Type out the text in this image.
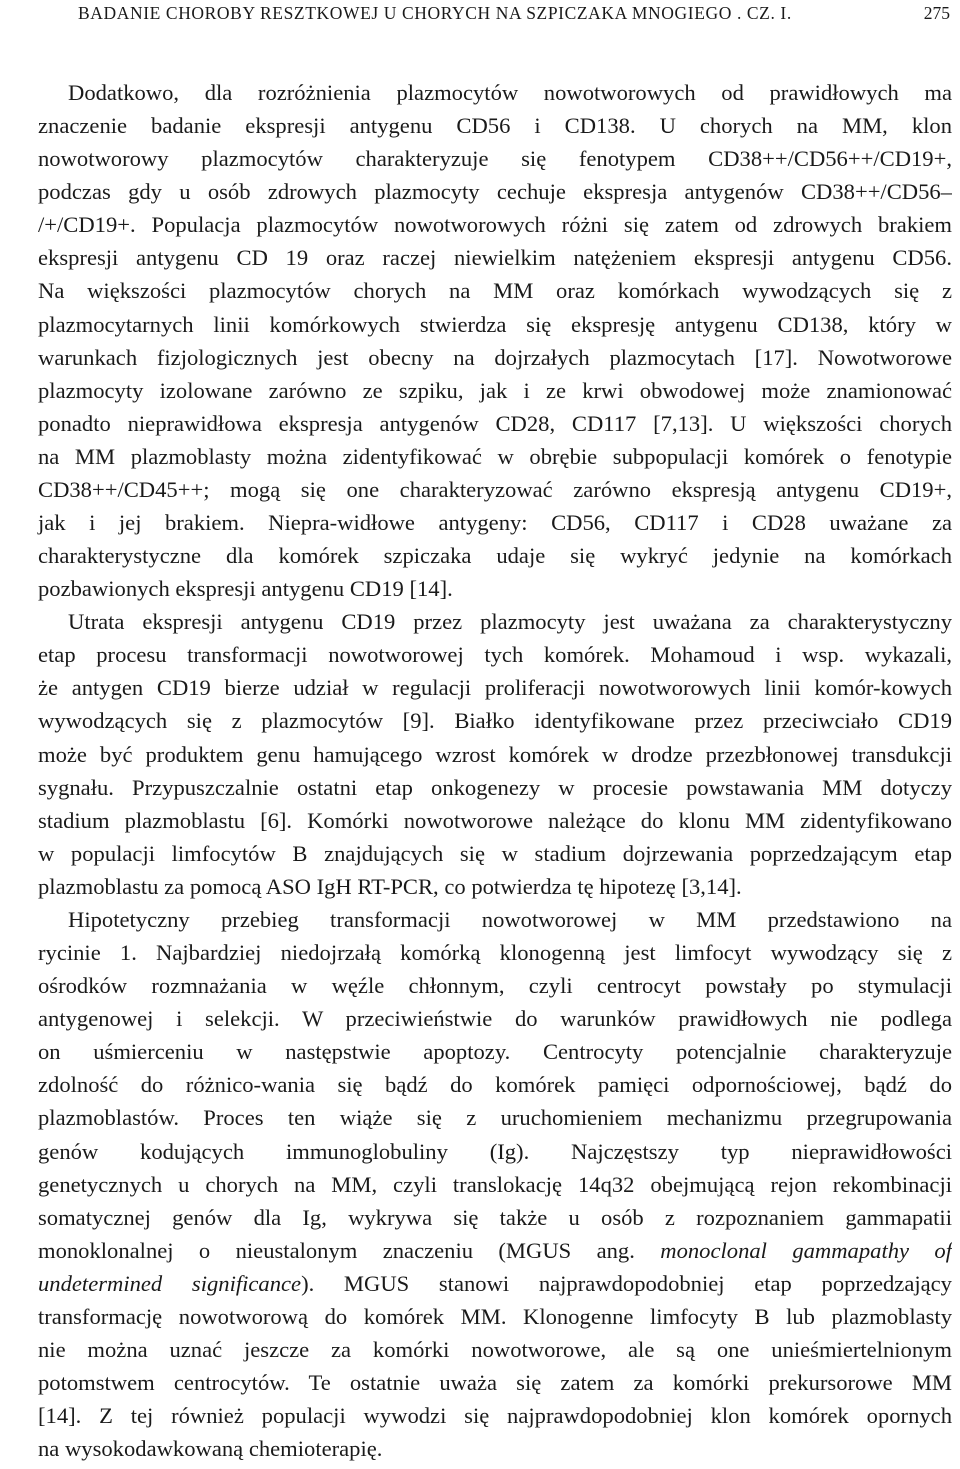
BADANIE CHOROBY RESZTKOWEJ U CHORYCH NA SZPICZAKA MNOGIEGO . CZ. I.	275
Dodatkowo, dla rozróżnienia plazmocytów nowotworowych od prawidłowych ma
znaczenie badanie ekspresji antygenu CD56 i CD138. U chorych na MM, klon
nowotworowy plazmocytów charakteryzuje się fenotypem CD38++/CD56++/CD19+,
podczas gdy u osób zdrowych plazmocyty cechuje ekspresja antygenów CD38++/CD56–
/+/CD19+. Populacja plazmocytów nowotworowych różni się zatem od zdrowych brakiem
ekspresji antygenu CD 19 oraz raczej niewielkim natężeniem ekspresji antygenu CD56.
Na większości plazmocytów chorych na MM oraz komórkach wywodzących się z
plazmocytarnych linii komórkowych stwierdza się ekspresję antygenu CD138, który w
warunkach fizjologicznych jest obecny na dojrzałych plazmocytach [17]. Nowotworowe
plazmocyty izolowane zarówno ze szpiku, jak i ze krwi obwodowej może znamionować
ponadto nieprawidłowa ekspresja antygenów CD28, CD117 [7,13]. U większości chorych
na MM plazmoblasty można zidentyfikować w obrębie subpopulacji komórek o fenotypie
CD38++/CD45++; mogą się one charakteryzować zarówno ekspresją antygenu CD19+,
jak i jej brakiem. Niepra-widłowe antygeny: CD56, CD117 i CD28 uważane za
charakterystyczne dla komórek szpiczaka udaje się wykryć jedynie na komórkach
pozbawionych ekspresji antygenu CD19 [14].
Utrata ekspresji antygenu CD19 przez plazmocyty jest uważana za charakterystyczny
etap procesu transformacji nowotworowej tych komórek. Mohamoud i wsp. wykazali,
że antygen CD19 bierze udział w regulacji proliferacji nowotworowych linii komór-kowych
wywodzących się z plazmocytów [9]. Białko identyfikowane przez przeciwciało CD19
może być produktem genu hamującego wzrost komórek w drodze przezbłonowej transdukcji
sygnału. Przypuszczalnie ostatni etap onkogenezy w procesie powstawania MM dotyczy
stadium plazmoblastu [6]. Komórki nowotworowe należące do klonu MM zidentyfikowano
w populacji limfocytów B znajdujących się w stadium dojrzewania poprzedzającym etap
plazmoblastu za pomocą ASO IgH RT-PCR, co potwierdza tę hipotezę [3,14].
Hipotetyczny przebieg transformacji nowotworowej w MM przedstawiono na
rycinie 1. Najbardziej niedojrzałą komórką klonogenną jest limfocyt wywodzący się z
ośrodków rozmnażania w węźle chłonnym, czyli centrocyt powstały po stymulacji
antygenowej i selekcji. W przeciwieństwie do warunków prawidłowych nie podlega
on uśmierceniu w następstwie apoptozy. Centrocyty potencjalnie charakteryzuje
zdolność do różnico-wania się bądź do komórek pamięci odpornościowej, bądź do
plazmoblastów. Proces ten wiąże się z uruchomieniem mechanizmu przegrupowania
genów kodujących immunoglobuliny (Ig). Najczęstszy typ nieprawidłowości
genetycznych u chorych na MM, czyli translokację 14q32 obejmującą rejon rekombinacji
somatycznej genów dla Ig, wykrywa się także u osób z rozpoznaniem gammapatii
monoklonalnej o nieustalonym znaczeniu (MGUS ang. monoclonal gammapathy of
undetermined significance). MGUS stanowi najprawdopodobniej etap poprzedzający
transformację nowotworową do komórek MM. Klonogenne limfocyty B lub plazmoblasty
nie można uznać jeszcze za komórki nowotworowe, ale są one unieśmiertelnionym
potomstwem centrocytów. Te ostatnie uważa się zatem za komórki prekursorowe MM
[14]. Z tej również populacji wywodzi się najprawdopodobniej klon komórek opornych
na wysokodawkowaną chemioterapię.
